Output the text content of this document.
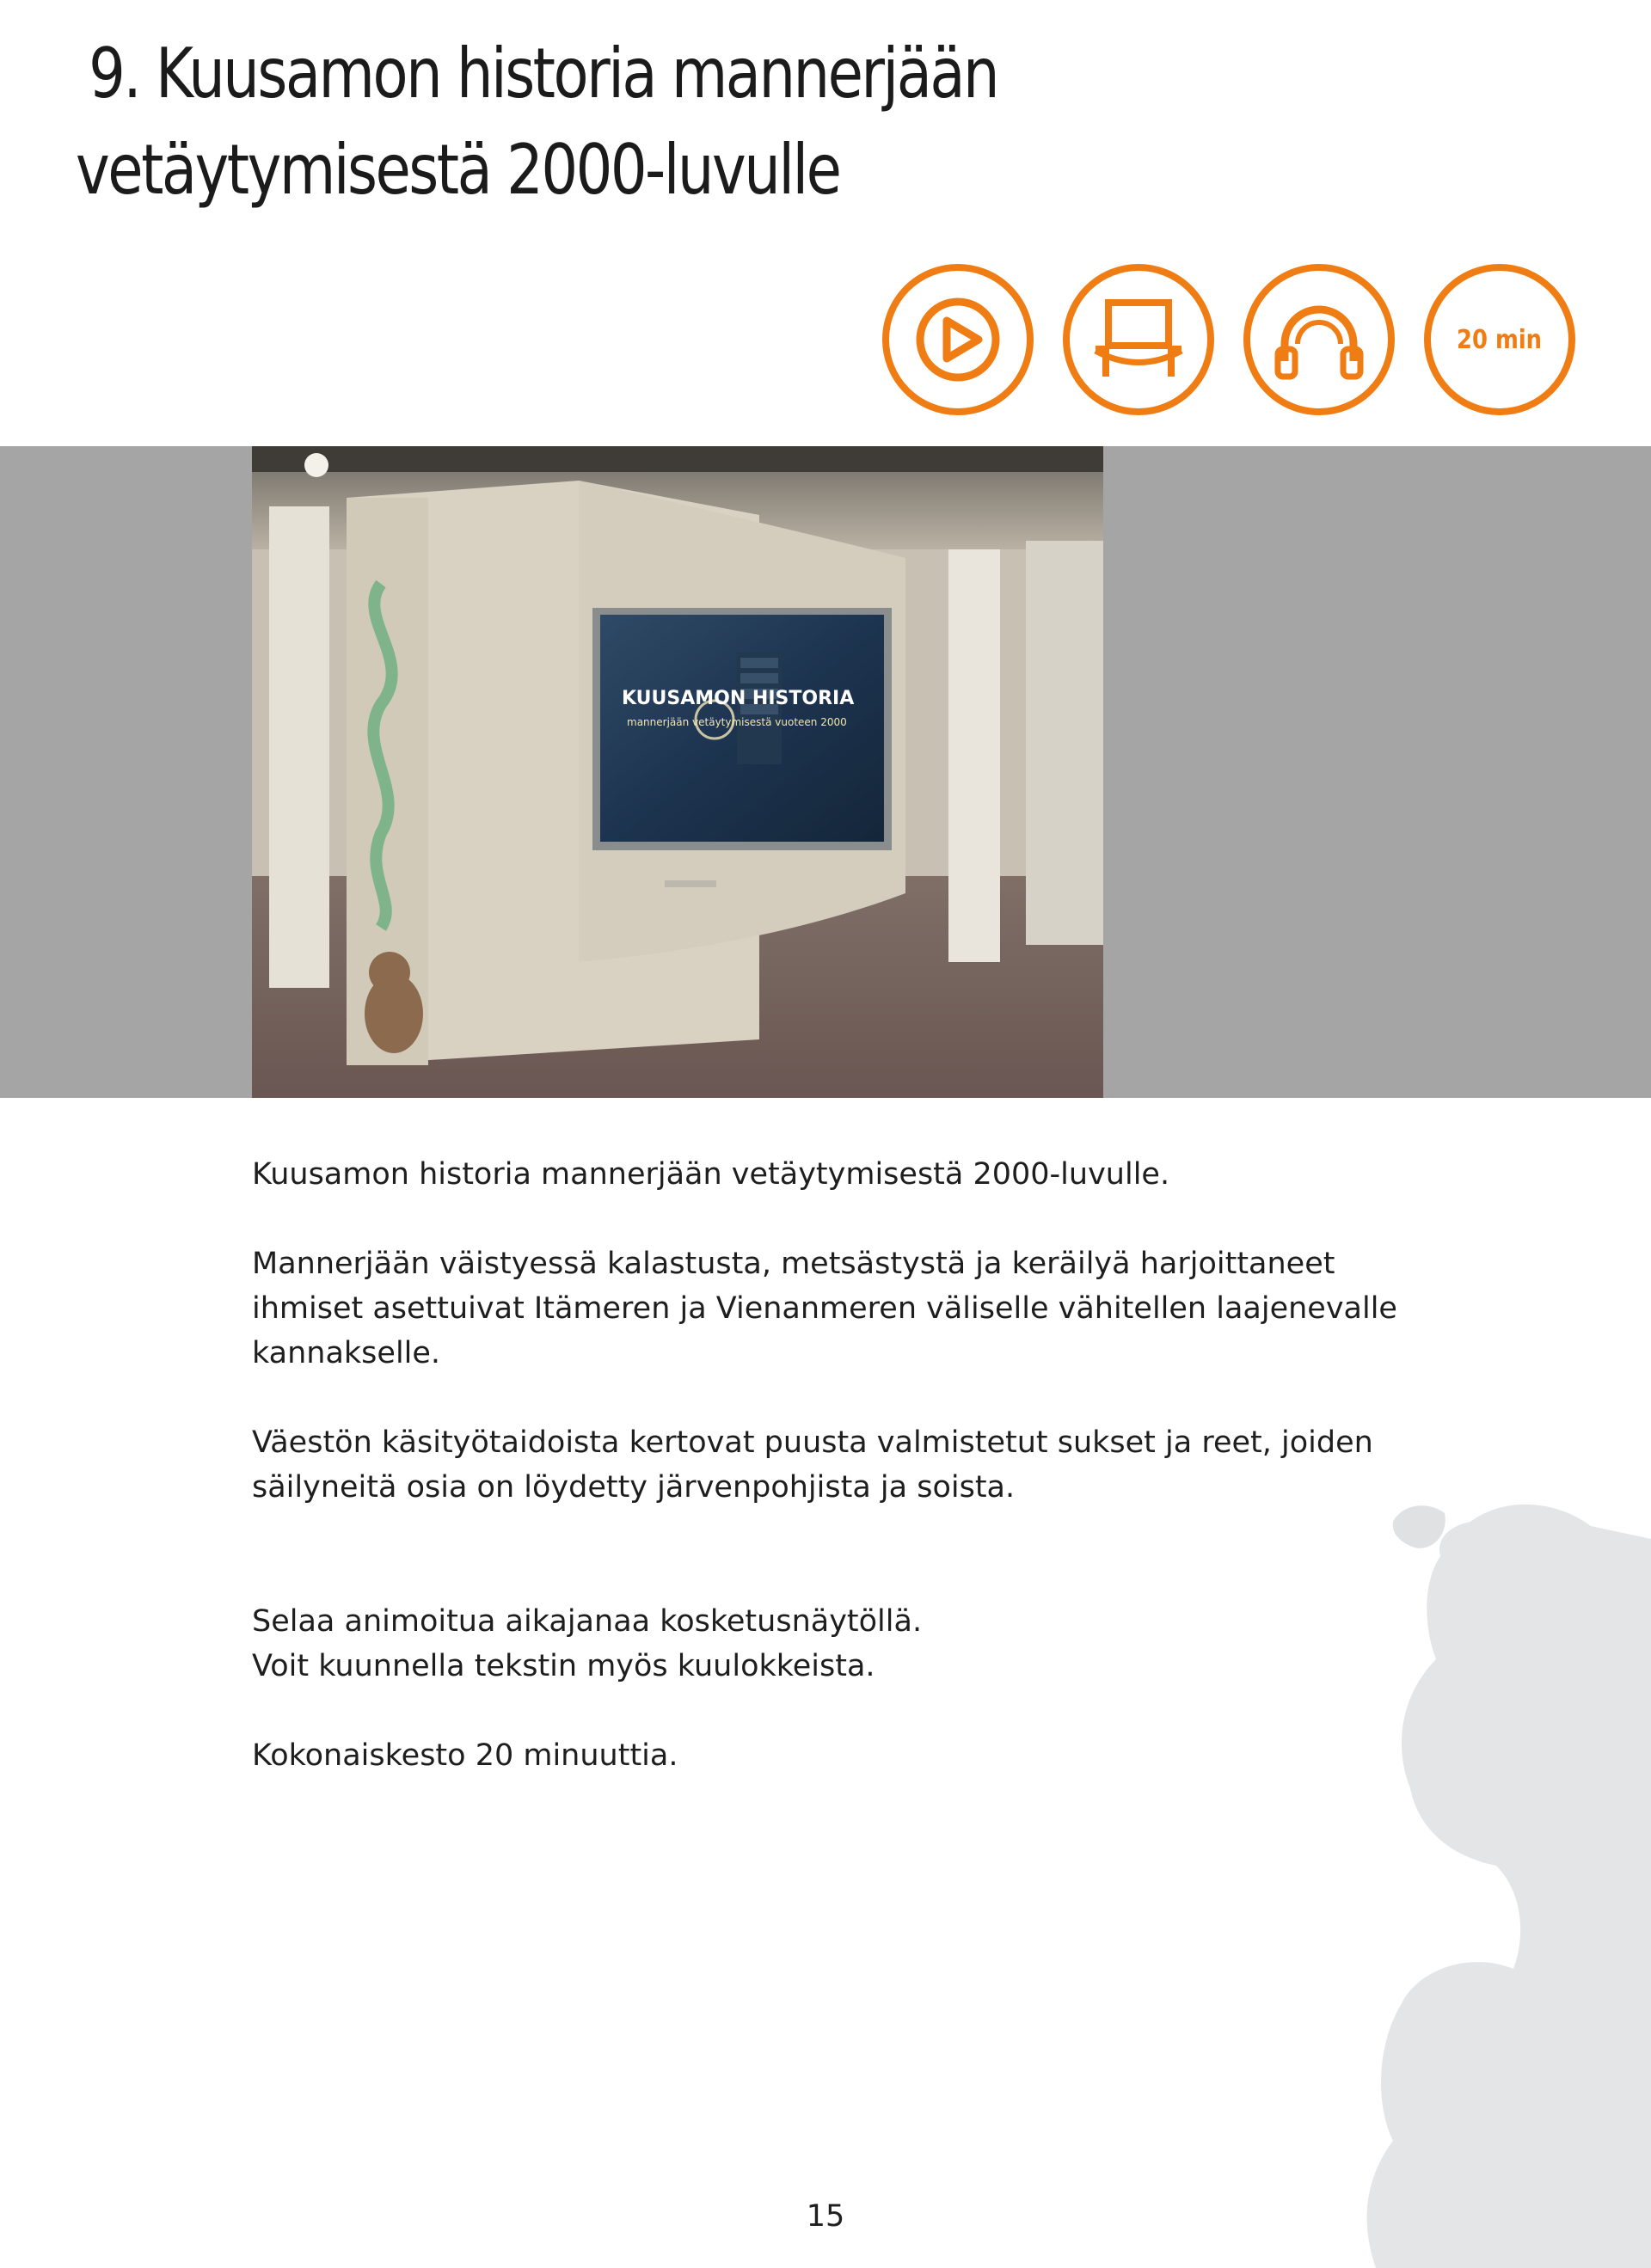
9. Kuusamon historia mannerjään
vetäytymisestä 2000-luvulle
20 min
KUUSAMON HISTORIA
mannerjään vetäytymisestä vuoteen 2000

Kuusamon historia mannerjään vetäytymisestä 2000-luvulle.

Mannerjään väistyessä kalastusta, metsästystä ja keräilyä harjoittaneet

ihmiset asettuivat Itämeren ja Vienanmeren väliselle vähitellen laajenevalle

kannakselle.

Väestön käsityötaidoista kertovat puusta valmistetut sukset ja reet, joiden

säilyneitä osia on löydetty järvenpohjista ja soista.

Selaa animoitua aikajanaa kosketusnäytöllä.

Voit kuunnella tekstin myös kuulokkeista.

Kokonaiskesto 20 minuuttia.

15
